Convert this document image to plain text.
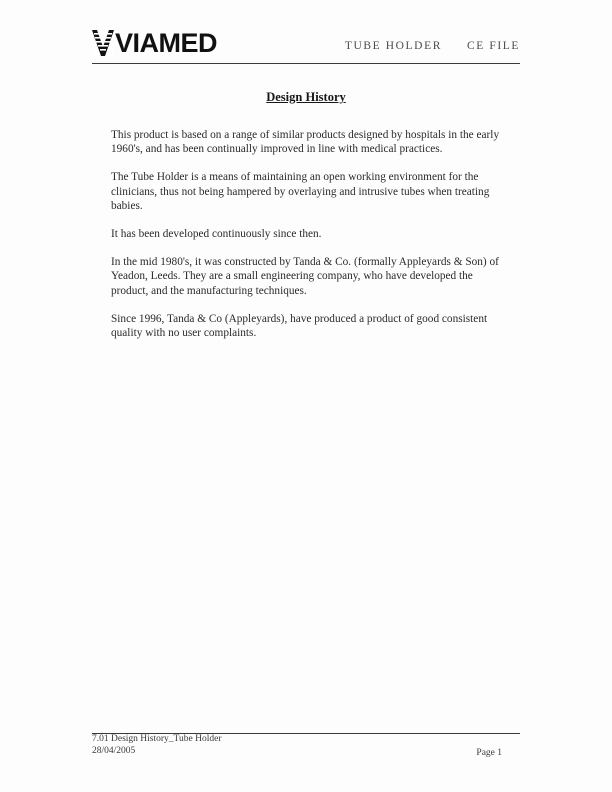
VIAMED	TUBE HOLDER CE FILE
Design History

This product is based on a range of similar products designed by hospitals in the early 1960's, and has been continually improved in line with medical practices.

The Tube Holder is a means of maintaining an open working environment for the clinicians, thus not being hampered by overlaying and intrusive tubes when treating babies.

It has been developed continuously since then.

In the mid 1980's, it was constructed by Tanda & Co. (formally Appleyards & Son) of Yeadon, Leeds. They are a small engineering company, who have developed the product, and the manufacturing techniques.

Since 1996, Tanda & Co (Appleyards), have produced a product of good consistent quality with no user complaints.

7.01 Design History_Tube Holder
28/04/2005	Page 1
